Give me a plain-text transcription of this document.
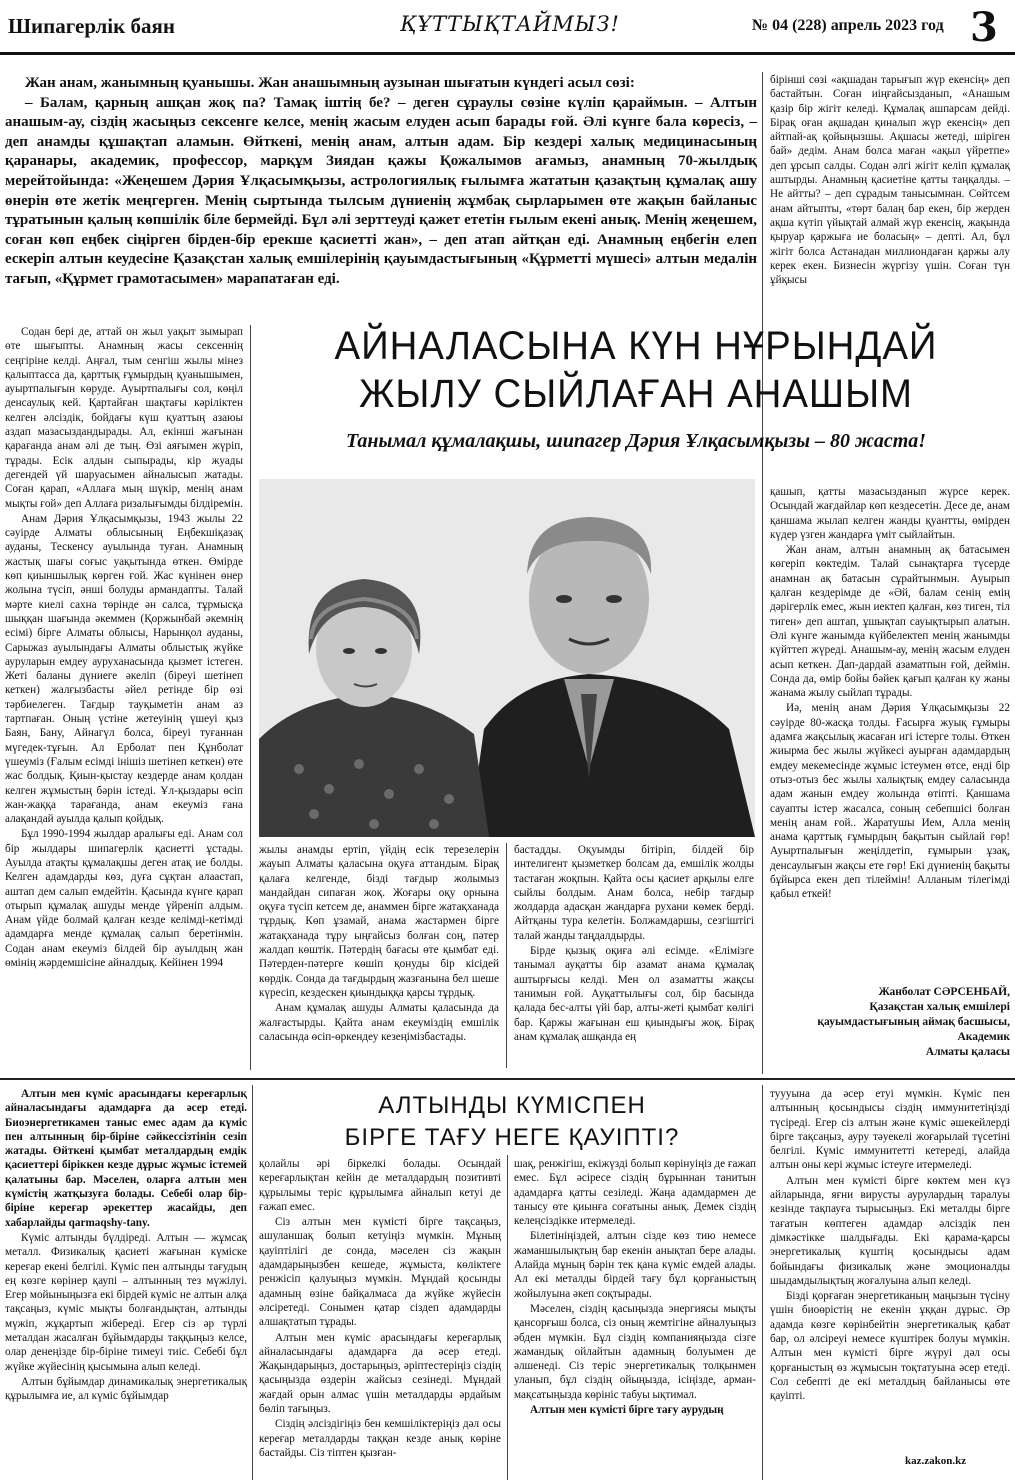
Шипагерлік баян	ҚҰТТЫҚТАЙМЫЗ!	№ 04 (228) апрель 2023 год 3

Жан анам, жанымның қуанышы. Жан анашымның аузынан шығатын күндегі асыл сөзі:

– Балам, қарның ашқан жоқ па? Тамақ іштің бе? – деген сұраулы сөзіне күліп қараймын. – Алтын анашым-ау, сіздің жасыңыз сексенге келсе, менің жасым елуден асып барады ғой. Әлі күнге бала көресіз, – деп анамды құшақтап аламын. Өйткені, менің анам, алтын адам. Бір кездері халық медицинасының қаранары, академик, профессор, марқұм Зиядан қажы Қожалымов ағамыз, анамның 70-жылдық мерейтойында: «Жеңешем Дәрия Ұлқасымқызы, астрологиялық ғылымға жататын қазақтың құмалақ ашу өнерін өте жетік меңгерген. Менің сыртында тылсым дүниенің жұмбақ сырларымен өте жақын байланыс тұратынын қалың көпшілік біле бермейді. Бұл әлі зерттеуді қажет ететін ғылым екені анық. Менің жеңешем, соған көп еңбек сіңірген бірден-бір ерекше қасиетті жан», – деп атап айтқан еді. Анамның еңбегін елеп ескеріп алтын кеудесіне Қазақстан халық емшілерінің қауымдастығының «Құрметті мүшесі» алтын медалін тағып, «Құрмет грамотасымен» марапатаған еді.

бірінші сөзі «ақшадан тарығып жүр екенсің» деп бастайтын. Соған иіңғайсызданып, «Анашым қазір бір жігіт келеді. Құмалақ ашпарсам дейді. Бірақ оған ақшадан қиналып жүр екенсің» деп айтпай-ақ қойыңызшы. Ақшасы жетеді, шіріген бай» дедім. Анам болса маған «ақыл үйретпе» деп ұрсып салды. Содан әлгі жігіт келіп құмалақ аштырды. Анамның қасиетіне қатты таңқалды. – Не айтты? – деп сұрадым танысымнан. Сөйтсем анам айтыпты, «төрт балаң бар екен, бір жерден ақша күтіп үйықтай алмай жүр екенсің, жақында қыруар қаржыға ие боласың» – депті. Ал, бұл жігіт болса Астанадан миллиондаған қаржы алу керек екен. Бизнесін жүргізу үшін. Соған түн ұйқысы

АЙНАЛАСЫНА КҮН НҰРЫНДАЙ
ЖЫЛУ СЫЙЛАҒАН АНАШЫМ
Танымал құмалақшы, шипагер Дәрия Ұлқасымқызы – 80 жаста!

Содан бері де, аттай он жыл уақыт зымырап өте шығыпты. Анамның жасы сексеннің сеңгіріне келді. Аңғал, тым сенгіш жылы мінез қалыптасса да, қарттық ғұмырдың қуанышымен, ауыртпалығын көруде. Ауыртпалығы сол, көңіл денсаулық кей. Қартайған шақтағы кәріліктен келген әлсіздік, бойдағы күш қуаттың азаюы аздап мазасыздандырады. Ал, екінші жағынан қарағанда анам әлі де тың. Өзі аяғымен жүріп, тұрады. Есік алдын сыпырады, кір жуады дегендей үй шаруасымен айналысып жатады. Соған қарап, «Аллаға мың шүкір, менің анам мықты ғой» деп Аллаға ризалығымды білдіремін.

Анам Дәрия Ұлқасымқызы, 1943 жылы 22 сәуірде Алматы облысының Еңбекшіқазақ ауданы, Тескенсу ауылында туған. Анамның жастық шағы соғыс уақытында өткен. Өмірде көп қиыншылық көрген ғой. Жас күнінен өнер жолына түсіп, әнші болуды армандапты. Талай мәрте киелі сахна төрінде ән салса, тұрмысқа шыққан шағында әкеммен (Қоржынбай әкемнің есімі) бірге Алматы облысы, Нарынқол ауданы, Сарыжаз ауылындағы Алматы облыстық жүйке ауруларын емдеу ауруханасында қызмет істеген. Жеті баланы дүниеге әкеліп (біреуі шетінеп кеткен) жалғызбасты әйел ретінде бір өзі тәрбиелеген. Тағдыр тауқыметін анам аз тартпаған. Оның үстіне жетеуінің үшеуі қыз Баян, Бану, Айнагүл болса, біреуі туғаннан мүгедек-тұғын. Ал Ерболат пен Құнболат үшеуміз (Ғалым есімді інішіз шетінеп кеткен) өте жас болдық. Қиын-қыстау кездерде анам қолдан келген жұмыстың бәрін істеді. Ұл-қыздары өсіп жан-жаққа тарағанда, анам екеуміз ғана алақандай ауылда қалып қойдық.

Бұл 1990-1994 жылдар аралығы еді. Анам сол бір жылдары шипагерлік қасиетті ұстады. Ауылда атақты құмалақшы деген атақ ие болды. Келген адамдарды көз, дуға сұқтан алаастап, аштап дем салып емдейтін. Қасында күнге қарап отырып құмалақ ашуды менде үйреніп алдым. Анам үйде болмай қалған кезде келімді-кетімді адамдарға менде құмалақ салып беретінмін. Содан анам екеуміз білдей бір ауылдың жан өмінің жәрдемшісіне айналдық. Кейінен 1994

жылы анамды ертіп, үйдің есік терезелерін жауып Алматы қаласына оқуға аттандым. Бірақ қалаға келгенде, бізді тағдыр жолымыз мандайдан сипаған жоқ. Жоғары оқу орнына оқуға түсіп кетсем де, анаммен бірге жатақханада тұрдық. Көп ұзамай, анама жастармен бірге жатақханада тұру ыңғайсыз болған соң, пәтер жалдап көштік. Пәтердің бағасы өте қымбат еді. Пәтерден-пәтерге көшіп қонуды бір кісідей көрдік. Сонда да тағдырдың жазғанына бел шеше күресіп, кездескен қиындыққа қарсы тұрдық.

Анам құмалақ ашуды Алматы қаласында да жалғастырды. Қайта анам екеуміздің емшілік саласында өсіп-өркендеу кезеңімізбастады.

бастадды. Оқуымды бітіріп, білдей бір интелигент қызметкер болсам да, емшілік жолды тастаған жоқпын. Қайта осы қасиет арқылы елге сыйлы болдым. Анам болса, небір тағдыр жолдарда адасқан жандарға рухани көмек берді. Айтқаны тура келетін. Болжамдаршы, сезгіштігі талай жанды таңдалдырды.

Бірде қызық оқиға әлі есімде. «Елімізге танымал ауқатты бір азамат анама құмалақ аштырғысы келді. Мен ол азаматты жақсы танимын ғой. Ауқаттылығы сол, бір басында қалада бес-алты үйі бар, алты-жеті қымбат көлігі бар. Қаржы жағынан еш қиындығы жоқ. Бірақ анам құмалақ ашқанда ең

қашып, қатты мазасызданып жүрсе керек. Осындай жағдайлар көп кездесетін. Десе де, анам қаншама жылап келген жанды қуантты, өмірден күдер үзген жандарға үміт сыйлайтын.

Жан анам, алтын анамның ақ батасымен көгеріп көктедім. Талай сынақтарға түсерде анамнан ақ батасын сұрайтынмын. Ауырып қалған кездерімде де «Әй, балам сенің емің дәрігерлік емес, жын иектеп қалған, көз тиген, тіл тиген» деп аштап, ұшықтап сауықтырып алатын. Әлі күнге жанымда күйбелектеп менің жанымды күйттеп жүреді. Анашым-ау, менің жасым елуден асып кеткен. Дап-дардай азаматпын ғой, деймін. Сонда да, өмір бойы бәйек қағып қалған ку жаны жанама жылу сыйлап тұрады.

Иә, менің анам Дәрия Ұлқасымқызы 22 сәуірде 80-жасқа толды. Ғасырға жуық ғұмыры адамға жақсылық жасаған игі істерге толы. Өткен жиырма бес жылы жүйкесі ауырған адамдардың емдеу мекемесінде жұмыс істеумен өтсе, енді бір отыз-отыз бес жылы халықтық емдеу саласында адам жанын емдеу жолында өтіпті. Қаншама сауапты істер жасалса, соның себепшісі болған менің анам ғой.. Жаратушы Ием, Алла менің анама қарттық ғұмырдың бақытын сыйлай гөр! Ауыртпалығын жеңілдетіп, ғұмырын ұзақ, денсаулығын жақсы ете гөр! Екі дүниенің бақыты бұйырса екен деп тілеймін! Алланым тілегімді қабыл еткей!

Жанболат СӘРСЕНБАЙ,
Қазақстан халық емшілері
қауымдастығының аймақ басшысы,
Академик
Алматы қаласы
АЛТЫНДЫ КҮМІСПЕН
БІРГЕ ТАҒУ НЕГЕ ҚАУІПТІ?

Алтын мен күміс арасындағы кереғарлық айналасындағы адамдарға да әсер етеді. Биоэнергетикамен таныс емес адам да күміс пен алтынның бір-біріне сәйкессізтінін сезіп жатады. Өйткені қымбат металдардың емдік қасиеттері біріккен кезде дұрыс жұмыс істемей қалатыны бар. Мәселен, оларға алтын мен күмістің жатқызуға болады. Себебі олар бір-біріне кереғар әрекеттер жасайды, деп хабарлайды qarmaqshy-tany.

Күміс алтынды бүлдіреді. Алтын — жұмсақ металл. Физикалық қасиеті жағынан күміске кереғар екені белгілі. Күміс пен алтынды тағудың ең көзге көрінер қаупі – алтынның тез мүжілуі. Егер мойыныңызға екі бірдей күміс не алтын алқа тақсаңыз, күміс мықты болғандықтан, алтынды мүжіп, жұқартып жібереді. Егер сіз әр түрлі металдан жасалған бұйымдарды таққыңыз келсе, олар денеңізде бір-біріне тимеуі тиіс. Себебі бұл жүйке жүйесінің қысымына алып келеді.

Алтын бұйымдар динамикалық энергетикалық құрылымға ие, ал күміс бұйымдар

қолайлы әрі біркелкі болады. Осындай кереғарлықтан кейін де металдардың позитивті құрылымы теріс құрылымға айналып кетуі де ғажап емес.

Сіз алтын мен күмісті бірге тақсаңыз, ашуланшақ болып кетуіңіз мүмкін. Мұның қауіптілігі де сонда, мәселен сіз жақын адамдарыңызбен кешеде, жұмыста, көліктеге ренжісіп қалуыңыз мүмкін. Мұндай қосынды адамның өзіне байқалмаса да жүйке жүйесін әлсіретеді. Сонымен қатар сіздеп адамдарды алшақтатып тұрады.

Алтын мен күміс арасындағы кереғарлық айналасындағы адамдарға да әсер етеді. Жақындарыңыз, достарыңыз, әріптестеріңіз сіздің қасыңызда өздерін жайсыз сезінеді. Мұндай жағдай орын алмас үшін металдарды әрдайым бөліп тағыңыз.

Сіздің әлсіздігіңіз бен кемшіліктеріңіз дәл осы кереғар металдарды таққан кезде анық көріне бастайды. Сіз тіптен қызған-

шақ, ренжігіш, екіжүзді болып көрінуіңіз де ғажап емес. Бұл әсіресе сіздің бұрыннан танитын адамдарға қатты сезіледі. Жаңа адамдармен де танысу өте қиынға соғатыны анық. Демек сіздің келеңсіздікке итермеледі.

Білетініңіздей, алтын сізде көз тию немесе жаманшылықтың бар екенін анықтап бере алады. Алайда мұның бәрін тек қана күміс емдей алады. Ал екі металды бірдей тағу бұл қорғаныстың жойылуына әкеп соқтырады.

Мәселен, сіздің қасыңызда энергиясы мықты қансорғыш болса, сіз оның жемтігіне айналуыңыз әбден мүмкін. Бұл сіздің компанияңызда сізге жамандық ойлайтын адамның болуымен де әлшенеді. Сіз теріс энергетикалық толқынмен уланып, бұл сіздің ойыңызда, ісіңізде, арман-мақсатыңызда көрініс табуы ықтимал.

Алтын мен күмісті бірге тағу аурудың

туууына да әсер етуі мүмкін. Күміс пен алтынның қосындысы сіздің иммунитетіңізді түсіреді. Егер сіз алтын және күміс әшекейлерді бірге тақсаңыз, ауру тәуекелі жоғарылай түсетіні белгілі. Күміс иммунитетті кетереді, алайда алтын оны кері жұмыс істеуге итермеледі.

Алтын мен күмісті бірге көктем мен күз айларында, яғни вирусты аурулардың таралуы кезінде тақпауға тырысыңыз. Екі металды бірге тағатын көптеген адамдар әлсіздік пен дімкәстікке шалдығады. Екі қарама-қарсы энергетикалық күштің қосындысы адам бойындағы физикалық және эмоционалды шыдамдылықтың жоғалуына алып келеді.

Бізді қорғаған энергетиканың маңызын түсіну үшін биоөрістің не екенін ұққан дұрыс. Әр адамда көзге көрінбейтін энергетикалық қабат бар, ол әлсіреуі немесе күштірек болуы мүмкін. Алтын мен күмісті бірге жүруі дәл осы қорғаныстың өз жұмысын тоқтатуына әсер етеді. Сол себепті де екі металдың байланысы өте қауіпті.

kaz.zakon.kz
